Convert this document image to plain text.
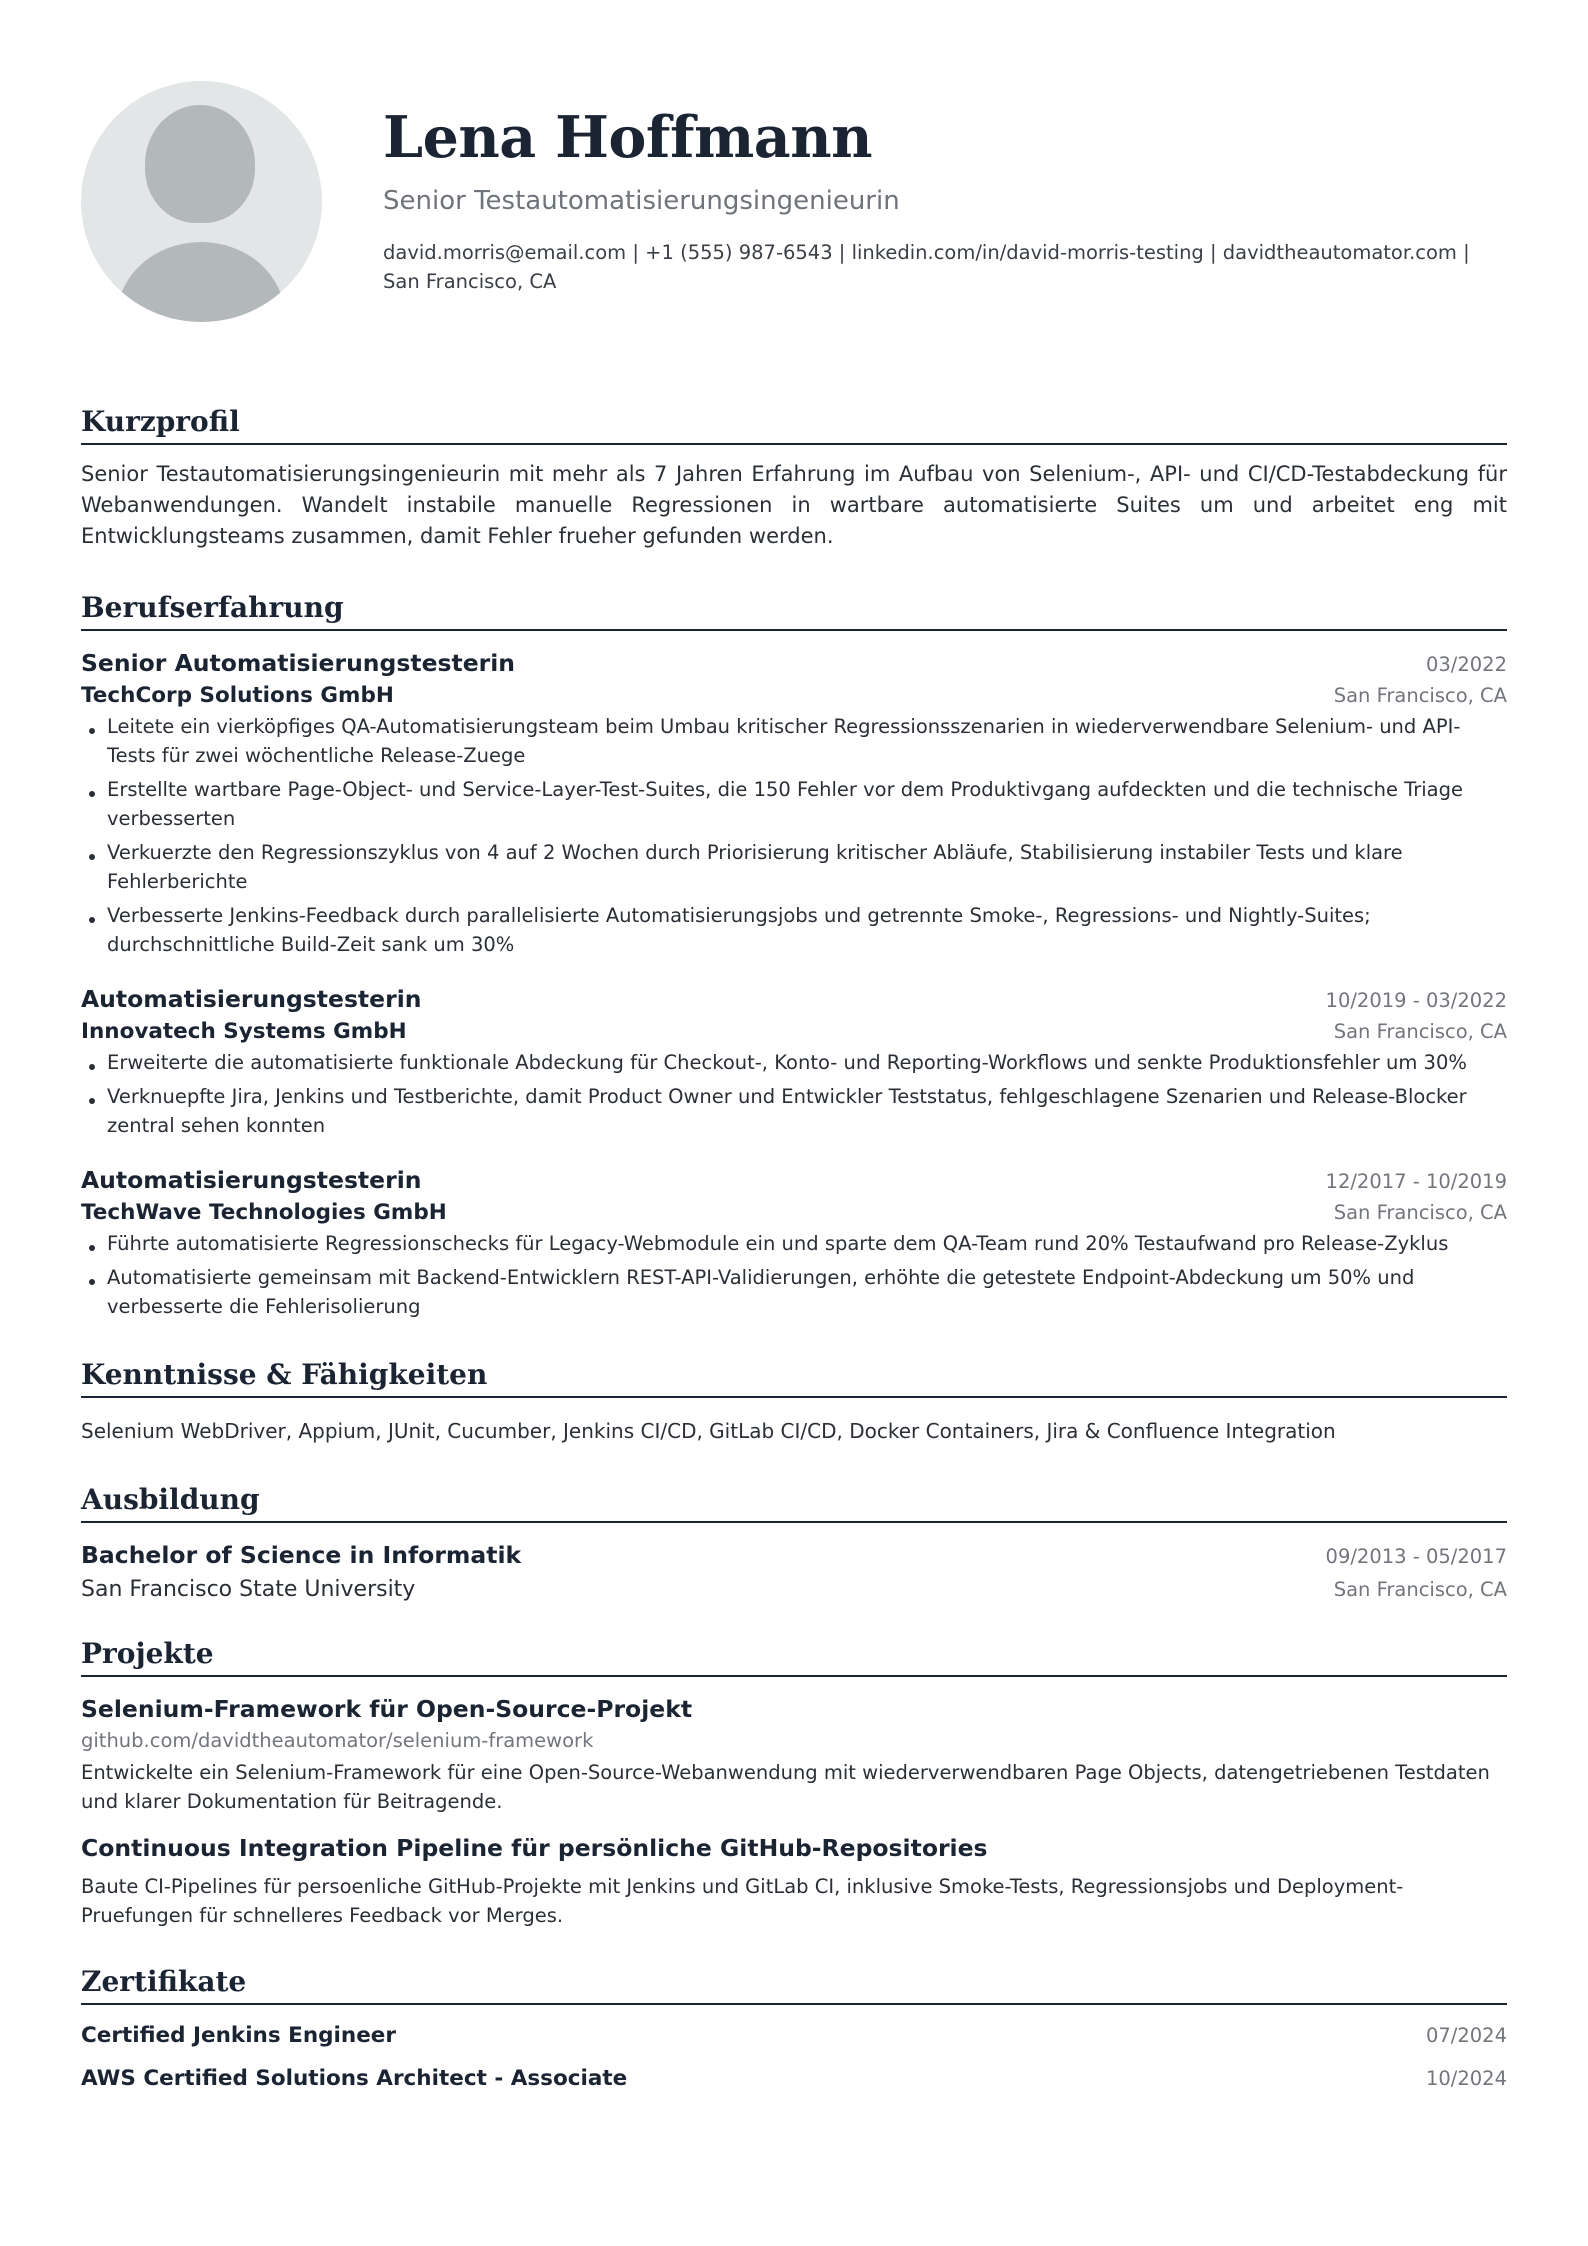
Lena Hoffmann
Senior Testautomatisierungsingenieurin
david.morris@email.com | +1 (555) 987-6543 | linkedin.com/in/david-morris-testing | davidtheautomator.com | San Francisco, CA
Kurzprofil
Senior Testautomatisierungsingenieurin mit mehr als 7 Jahren Erfahrung im Aufbau von Selenium-, API- und CI/CD-Testabdeckung für Webanwendungen. Wandelt instabile manuelle Regressionen in wartbare automatisierte Suites um und arbeitet eng mit Entwicklungsteams zusammen, damit Fehler frueher gefunden werden.
Berufserfahrung
Senior Automatisierungstesterin	03/2022
TechCorp Solutions GmbH	San Francisco, CA
Leitete ein vierköpfiges QA-Automatisierungsteam beim Umbau kritischer Regressionsszenarien in wiederverwendbare Selenium- und API-Tests für zwei wöchentliche Release-Zuege
Erstellte wartbare Page-Object- und Service-Layer-Test-Suites, die 150 Fehler vor dem Produktivgang aufdeckten und die technische Triage verbesserten
Verkuerzte den Regressionszyklus von 4 auf 2 Wochen durch Priorisierung kritischer Abläufe, Stabilisierung instabiler Tests und klare Fehlerberichte
Verbesserte Jenkins-Feedback durch parallelisierte Automatisierungsjobs und getrennte Smoke-, Regressions- und Nightly-Suites; durchschnittliche Build-Zeit sank um 30%
Automatisierungstesterin	10/2019 - 03/2022
Innovatech Systems GmbH	San Francisco, CA
Erweiterte die automatisierte funktionale Abdeckung für Checkout-, Konto- und Reporting-Workflows und senkte Produktionsfehler um 30%
Verknuepfte Jira, Jenkins und Testberichte, damit Product Owner und Entwickler Teststatus, fehlgeschlagene Szenarien und Release-Blocker zentral sehen konnten
Automatisierungstesterin	12/2017 - 10/2019
TechWave Technologies GmbH	San Francisco, CA
Führte automatisierte Regressionschecks für Legacy-Webmodule ein und sparte dem QA-Team rund 20% Testaufwand pro Release-Zyklus
Automatisierte gemeinsam mit Backend-Entwicklern REST-API-Validierungen, erhöhte die getestete Endpoint-Abdeckung um 50% und verbesserte die Fehlerisolierung
Kenntnisse & Fähigkeiten
Selenium WebDriver, Appium, JUnit, Cucumber, Jenkins CI/CD, GitLab CI/CD, Docker Containers, Jira & Confluence Integration
Ausbildung
Bachelor of Science in Informatik	09/2013 - 05/2017
San Francisco State University	San Francisco, CA
Projekte
Selenium-Framework für Open-Source-Projekt
github.com/davidtheautomator/selenium-framework
Entwickelte ein Selenium-Framework für eine Open-Source-Webanwendung mit wiederverwendbaren Page Objects, datengetriebenen Testdaten und klarer Dokumentation für Beitragende.
Continuous Integration Pipeline für persönliche GitHub-Repositories
Baute CI-Pipelines für persoenliche GitHub-Projekte mit Jenkins und GitLab CI, inklusive Smoke-Tests, Regressionsjobs und Deployment-Pruefungen für schnelleres Feedback vor Merges.
Zertifikate
Certified Jenkins Engineer	07/2024
AWS Certified Solutions Architect - Associate	10/2024
